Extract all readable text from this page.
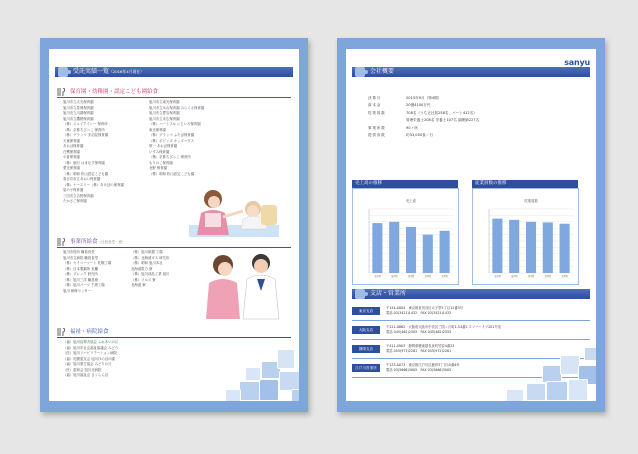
受託実績一覧（2016年4月現在）
保育園・幼稚園・認定こども園給食
旭川市立太光保育園
旭川市立豊岡保育園
旭川市立川端保育園
旭川市立鷹栖保育園
（株）ジェイアイシー 保育所
（株）京都ちびっこ 保育所
（株）グランマ 多治見保育園
天童保育園
あおば保育園
白鷺保育園
小倉保育園
（株）朝日 はまなす保育園
愛光保育園
（株）明和 松山認定こども園
春日井市立あおい保育園
（株）ナースリー（株）あけぼの保育園
星の子保育園
三田市立吉野保育園
たかさご保育園
旭川市立東光保育園
旭川市立永山保育園 みらくる保育園
旭川市立愛宕保育園
旭川市立末広保育園
（株）ハートフル にじいろ保育園
東光保育園
（株）グランマ ふたば保育園
（株）ポピンズ キッズハウス
第一 あおば保育園
いずみ保育園
（株）京都ちびっこ 保育所
もりのこ保育園
北野 保育園
（株）明和 松山認定こども園
事業所給食（社員食堂・寮）
旭川市役所 職員食堂
旭川市立病院 職員食堂
（株）セイコーマート 札幌工場
（株）日本製鋼所 室蘭
（株）プレック 研究所
（株）旭川三洋 職員寮
（株）旭川パーツ 千歳工場
旭川 研修センター
（株）旭川紙器 工場
（株）北海道ガス 研究所
（株）明和 旭川本社
北海道電力 寮
（株）旭川部品工業 旭川
（株）ラルズ 寮
北海道 寮
福祉・病院給食
（福）旭川盲導犬協会 ふれあいの丘
（福）旭川市社会福祉協議会 みどり
（医）旭川リハビリテーション病院
（福）札幌恵友会 旭川ほのぼの園
（福）旭川厚生協会 みどりの丘
（医）恵和会 旭川北病院
（福）旭川福祉会 さくらんぼ
sanyu
会社概要
決算月	2015年9月（第4期）
資本金	20億4100万円
従業員数	708名（うち正社員258名、パート412名）
	管理栄養士208名 栄養士107名 調理師227名
事業所数	90ヶ所
提供食数	約33,000食／日
売上高の推移
売上高
第1期	第2期	第3期	第4期	第5期
従業員数の推移
従業員数
第1期	第2期	第3期	第4期	第5期
支店・営業所
東京支店
〒154-0004　東京都世田谷区太子堂5丁目12番3号
電話 03(3421)1432　FAX 03(3421)1432
大阪支店
〒221-0862　大阪府大阪市中央区三国ヶ丘町1-54番2 スリーハイツ201号室
電話 045(462)2505　FAX 045(462)2555
静岡支店
〒411-0903　静岡県駿東郡長泉町竹原4番23
電話 055(973)2261　FAX 055(972)2261
江戸川営業所
〒133-0073　東京都江戸川区鹿骨3丁目15番6号
電話 03(5666)3005　FAX 03(5666)3005
